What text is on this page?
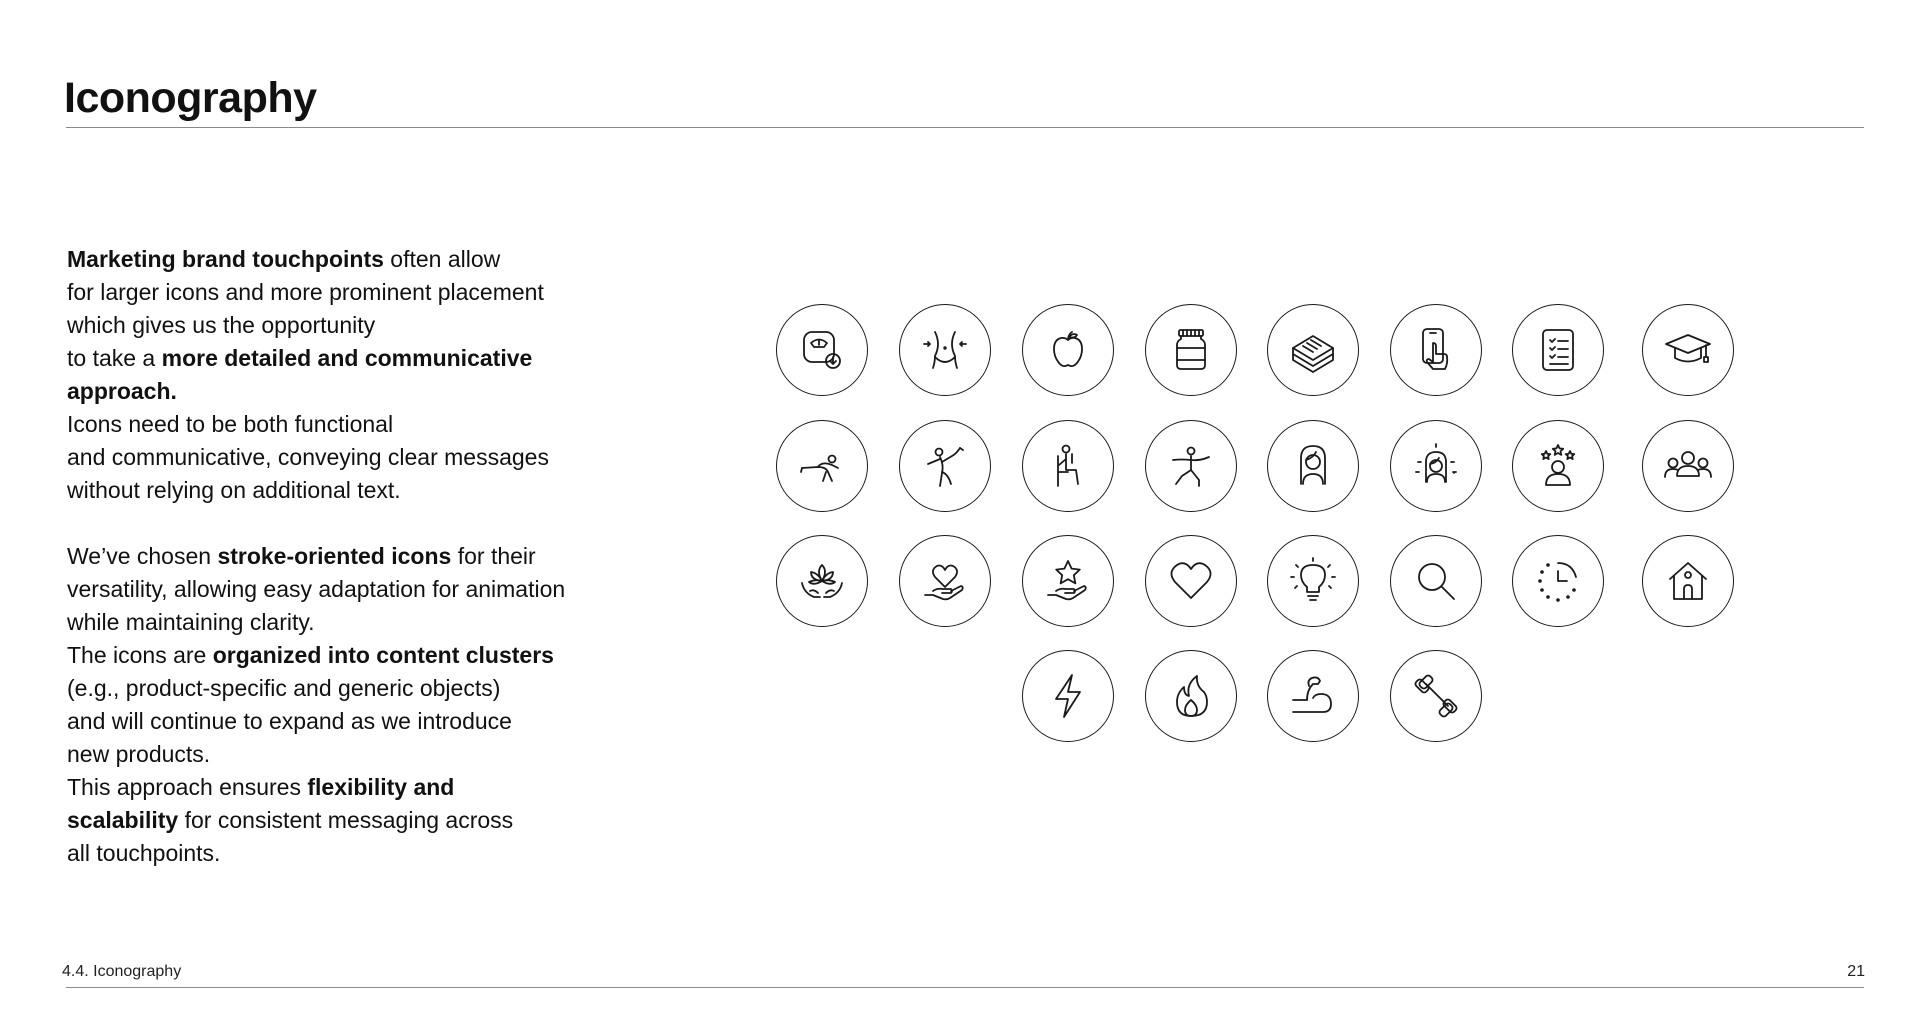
Iconography

Marketing brand touchpoints often allow
for larger icons and more prominent placement
which gives us the opportunity
to take a more detailed and communicative
approach.
Icons need to be both functional
and communicative, conveying clear messages
without relying on additional text.

We’ve chosen stroke-oriented icons for their
versatility, allowing easy adaptation for animation
while maintaining clarity.
The icons are organized into content clusters
(e.g., product-specific and generic objects)
and will continue to expand as we introduce
new products.
This approach ensures flexibility and
scalability for consistent messaging across
all touchpoints.

4.4. Iconography	21
